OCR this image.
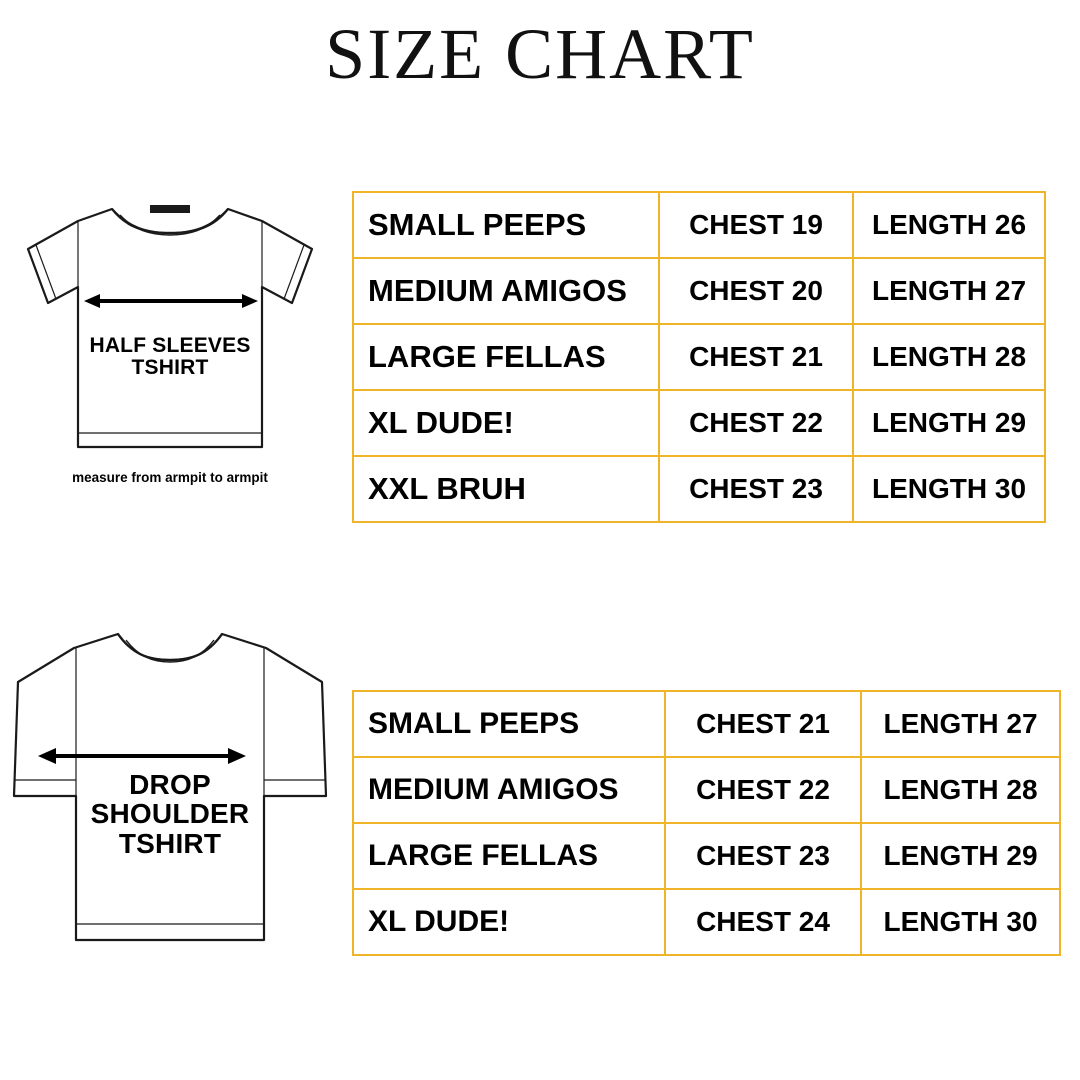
SIZE CHART
HALF SLEEVES
TSHIRT
measure from armpit to armpit
SMALL PEEPS	CHEST 19	LENGTH 26
MEDIUM AMIGOS	CHEST 20	LENGTH 27
LARGE FELLAS	CHEST 21	LENGTH 28
XL DUDE!	CHEST 22	LENGTH 29
XXL BRUH	CHEST 23	LENGTH 30
DROP
SHOULDER
TSHIRT
SMALL PEEPS	CHEST 21	LENGTH 27
MEDIUM AMIGOS	CHEST 22	LENGTH 28
LARGE FELLAS	CHEST 23	LENGTH 29
XL DUDE!	CHEST 24	LENGTH 30
